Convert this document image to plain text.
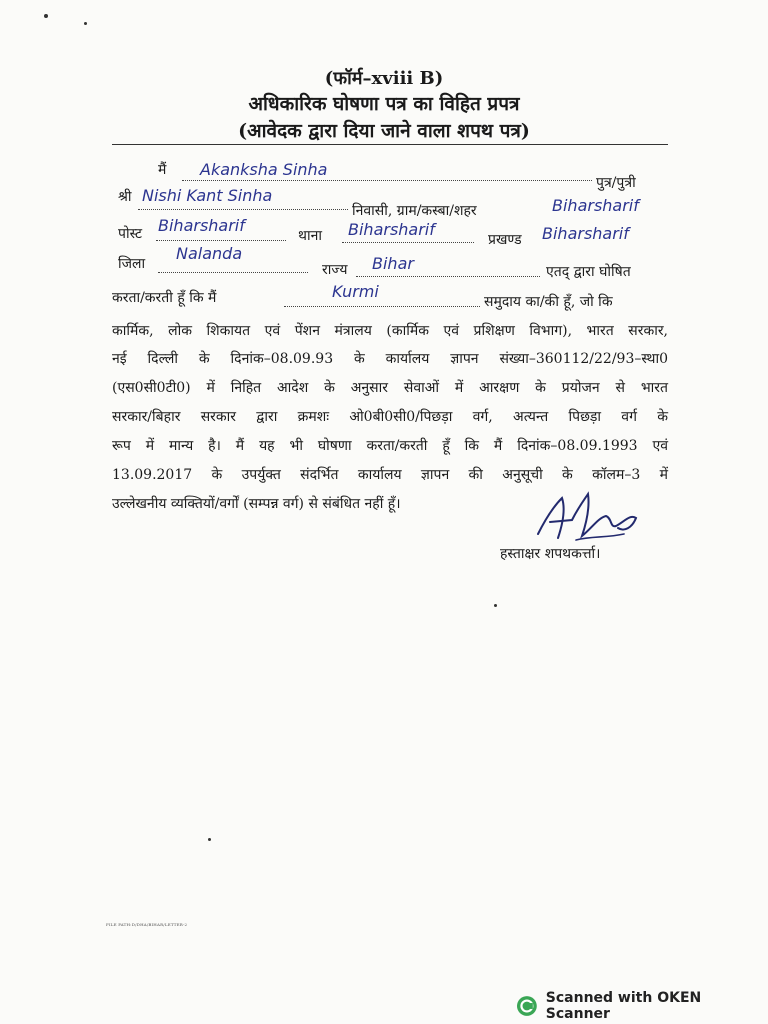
(फॉर्म–xviii B)
अधिकारिक घोषणा पत्र का विहित प्रपत्र
(आवेदक द्वारा दिया जाने वाला शपथ पत्र)
मैं Akanksha Sinha
पुत्र/पुत्री
श्री Nishi Kant Sinha
निवासी, ग्राम/कस्बा/शहर	Biharsharif
पोस्ट Biharsharif
थाना Biharsharif
प्रखण्ड Biharsharif
जिला
Nalanda
राज्य Bihar	एतद् द्वारा घोषित
करता/करती हूँ कि मैं	Kurmi
समुदाय का/की हूँ, जो कि
कार्मिक, लोक शिकायत एवं पेंशन मंत्रालय (कार्मिक एवं प्रशिक्षण विभाग), भारत सरकार,
नई दिल्ली के दिनांक–08.09.93 के कार्यालय ज्ञापन संख्या–360112/22/93–स्था0
(एस0सी0टी0) में निहित आदेश के अनुसार सेवाओं में आरक्षण के प्रयोजन से भारत
सरकार/बिहार सरकार द्वारा क्रमशः ओ0बी0सी0/पिछड़ा वर्ग, अत्यन्त पिछड़ा वर्ग के
रूप में मान्य है। मैं यह भी घोषणा करता/करती हूँ कि मैं दिनांक–08.09.1993 एवं
13.09.2017 के उपर्युक्त संदर्भित कार्यालय ज्ञापन की अनुसूची के कॉलम–3 में
उल्लेखनीय व्यक्तियों/वर्गों (सम्पन्न वर्ग) से संबंधित नहीं हूँ।
हस्ताक्षर शपथकर्त्ता।
FILE PATH:D/DHA/BIHAR/LETTER-2
Scanned with OKEN Scanner
